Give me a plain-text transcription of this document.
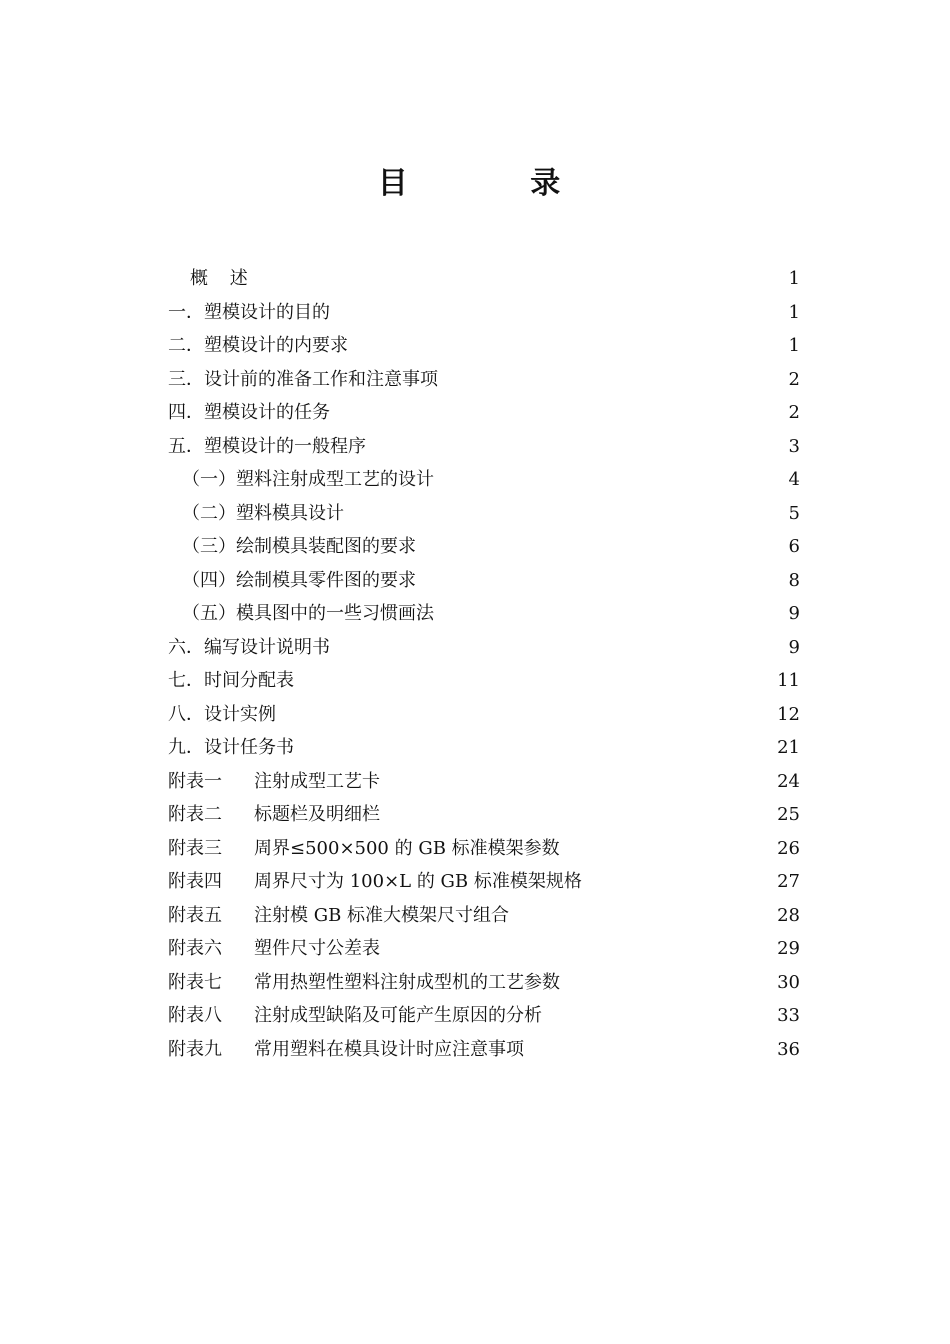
目 录
概 述	1
一．塑模设计的目的	1
二．塑模设计的内要求	1
三．设计前的准备工作和注意事项	2
四．塑模设计的任务	2
五．塑模设计的一般程序	3
（一）塑料注射成型工艺的设计	4
（二）塑料模具设计	5
（三）绘制模具装配图的要求	6
（四）绘制模具零件图的要求	8
（五）模具图中的一些习惯画法	9
六．编写设计说明书	9
七．时间分配表	11
八．设计实例	12
九．设计任务书	21
附表一 注射成型工艺卡	24
附表二 标题栏及明细栏	25
附表三 周界≤500×500 的 GB 标准模架参数	26
附表四 周界尺寸为 100×L 的 GB 标准模架规格	27
附表五 注射模 GB 标准大模架尺寸组合	28
附表六 塑件尺寸公差表	29
附表七 常用热塑性塑料注射成型机的工艺参数	30
附表八 注射成型缺陷及可能产生原因的分析	33
附表九 常用塑料在模具设计时应注意事项	36
